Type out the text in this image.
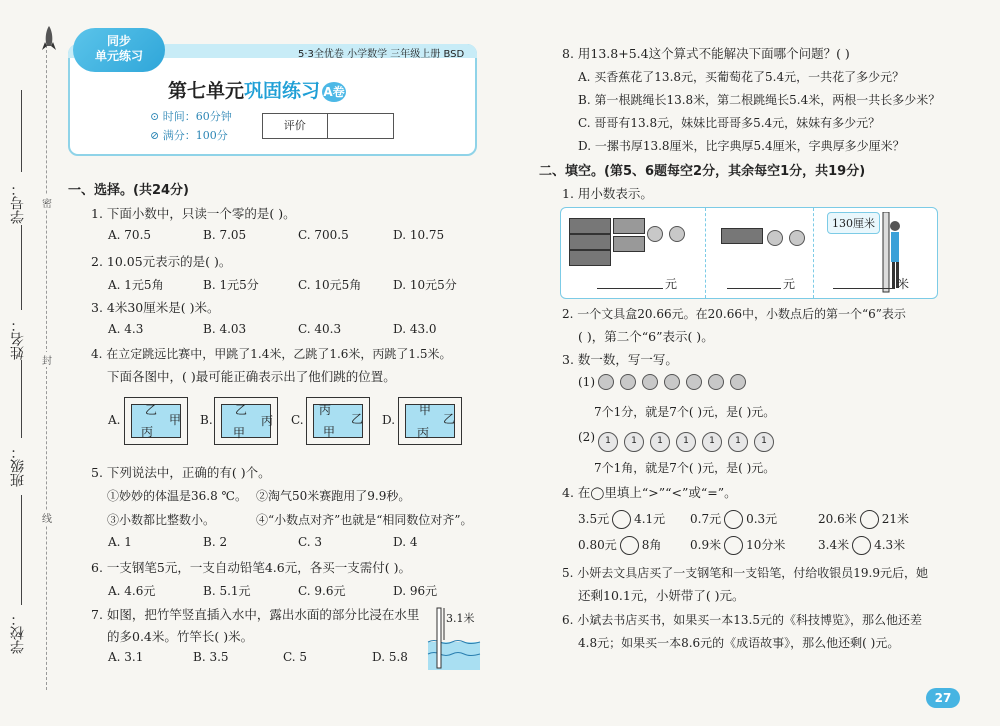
密
封
线
学号：
姓名：
班级：
学校：
同步
单元练习	5·3全优卷 小学数学 三年级上册 BSD
第七单元巩固练习 A卷
⊙ 时间：60分钟
⊘ 满分：100分
评价
一、选择。(共24分)
1. 下面小数中，只读一个零的是( )。
A. 70.5	B. 7.05	C. 700.5	D. 10.75
2. 10.05元表示的是( )。
A. 1元5角	B. 1元5分	C. 10元5角	D. 10元5分
3. 4米30厘米是( )米。
A. 4.3	B. 4.03	C. 40.3	D. 43.0
4. 在立定跳远比赛中，甲跳了1.4米，乙跳了1.6米，丙跳了1.5米。
下面各图中，( )最可能正确表示出了他们跳的位置。
A.
乙
甲
丙
B.
乙
丙
甲
C.
丙
乙
甲
D.
甲
乙
丙
5. 下列说法中，正确的有( )个。
①妙妙的体温是36.8 ℃。 ②淘气50米赛跑用了9.9秒。
③小数都比整数小。	④“小数点对齐”也就是“相同数位对齐”。
A. 1	B. 2	C. 3	D. 4
6. 一支钢笔5元，一支自动铅笔4.6元，各买一支需付( )。
A. 4.6元	B. 5.1元	C. 9.6元	D. 96元
7. 如图，把竹竿竖直插入水中，露出水面的部分比浸在水里
的多0.4米。竹竿长( )米。
A. 3.1	B. 3.5	C. 5	D. 5.8
3.1米
8. 用13.8+5.4这个算式不能解决下面哪个问题？( )
A. 买香蕉花了13.8元，买葡萄花了5.4元，一共花了多少元？
B. 第一根跳绳长13.8米，第二根跳绳长5.4米，两根一共长多少米？
C. 哥哥有13.8元，妹妹比哥哥多5.4元，妹妹有多少元？
D. 一摞书厚13.8厘米，比字典厚5.4厘米，字典厚多少厘米？
二、填空。(第5、6题每空2分，其余每空1分，共19分)
1. 用小数表示。
130厘米
元	元	米
2. 一个文具盒20.66元。在20.66中，小数点后的第一个“6”表示
( )，第二个“6”表示( )。
3. 数一数，写一写。
(1)
7个1分，就是7个( )元，是( )元。
(2)	1 1 1 1 1 1 1
7个1角，就是7个( )元，是( )元。
4. 在◯里填上“>”“<”或“=”。
3.5元 4.1元 0.7元 0.3元	20.6米 21米
0.80元 8角 0.9米 10分米	3.4米 4.3米
5. 小妍去文具店买了一支钢笔和一支铅笔，付给收银员19.9元后，她
还剩10.1元，小妍带了( )元。
6. 小斌去书店买书，如果买一本13.5元的《科技博览》，那么他还差
4.8元；如果买一本8.6元的《成语故事》，那么他还剩( )元。
27
